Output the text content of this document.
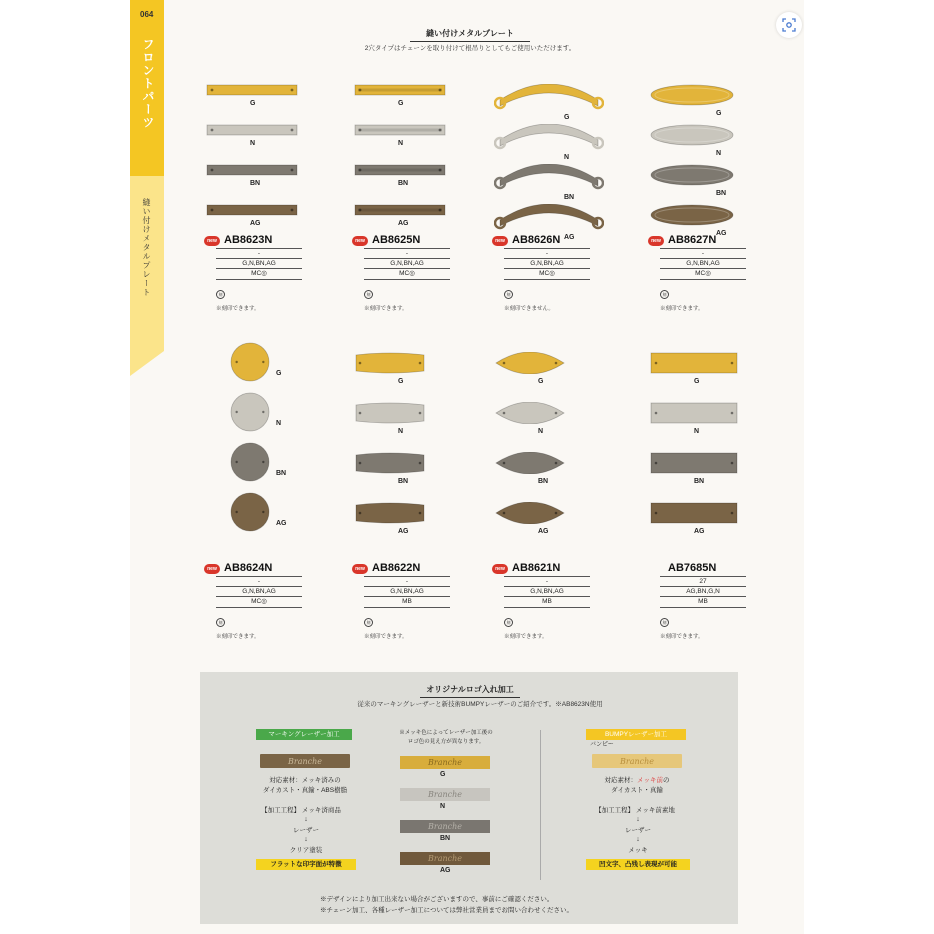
064
フロントパーツ
縫い付けメタルプレート
縫い付けメタルプレート
2穴タイプはチェーンを取り付けて根吊りとしてもご使用いただけます。
G
N
BN
AG
new AB8623N
-
G,N,BN,AG
MC◎
刻
※刻印できます。
G
N
BN
AG
new AB8625N
-
G,N,BN,AG
MC◎
刻
※刻印できます。
G
N
BN
AG
new AB8626N
-
G,N,BN,AG
MC◎
刻
※刻印できません。
G
N
BN
AG
new AB8627N
-
G,N,BN,AG
MC◎
刻
※刻印できます。
G
N
BN
AG
new AB8624N
-
G,N,BN,AG
MC◎
刻
※刻印できます。
G
N
BN
AG
new AB8622N
-
G,N,BN,AG
MB
刻
※刻印できます。
G
N
BN
AG
new AB8621N
-
G,N,BN,AG
MB
刻
※刻印できます。
G
N
BN
AG
AB7685N
27
AG,BN,G,N
MB
刻
※刻印できます。
オリジナルロゴ入れ加工
従来のマーキングレーザーと新技術BUMPYレーザーのご紹介です。※AB8623N使用
マーキングレーザー加工
Branche
対応素材：メッキ済みの
ダイカスト・真鍮・ABS樹脂
【加工工程】 メッキ済商品
↓
レーザー
↓
クリア塗装
フラットな印字面が特徴
※メッキ色によってレーザー加工後の
ロゴ色の見え方が異なります。
Branche
G
Branche
N
Branche
BN
Branche
AG
BUMPYレーザー加工
バンピー
Branche
対応素材：メッキ前の
ダイカスト・真鍮
【加工工程】 メッキ前素地
↓
レーザー
↓
メッキ
凹文字、凸残し表現が可能
※デザインにより加工出来ない場合がございますので、事前にご確認ください。
※チェーン加工、各種レーザー加工については弊社営業員までお問い合わせください。
